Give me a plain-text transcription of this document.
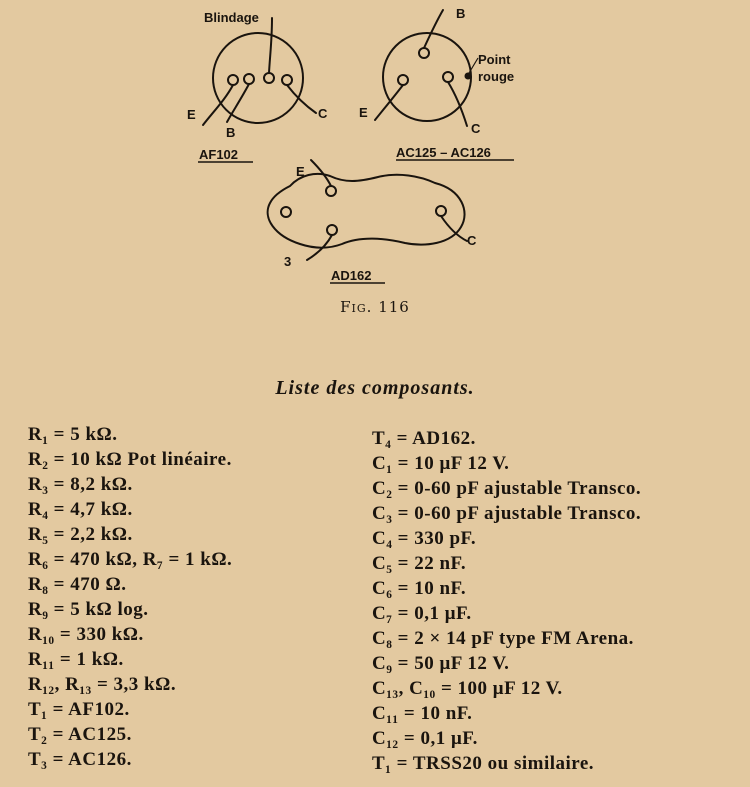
Blindage
E
B
C
AF102
B
Point
rouge
E
C
AC125 – AC126
E
3
C
AD162
Fig. 116
Liste des composants.
R₁ = 5 kΩ.
R₂ = 10 kΩ Pot linéaire.
R₃ = 8,2 kΩ.
R₄ = 4,7 kΩ.
R₅ = 2,2 kΩ.
R₆ = 470 kΩ, R₇ = 1 kΩ.
R₈ = 470 Ω.
R₉ = 5 kΩ log.
R₁₀ = 330 kΩ.
R₁₁ = 1 kΩ.
R₁₂, R₁₃ = 3,3 kΩ.
T₁ = AF102.
T₂ = AC125.
T₃ = AC126.
T₄ = AD162.
C₁ = 10 μF 12 V.
C₂ = 0-60 pF ajustable Transco.
C₃ = 0-60 pF ajustable Transco.
C₄ = 330 pF.
C₅ = 22 nF.
C₆ = 10 nF.
C₇ = 0,1 μF.
C₈ = 2 × 14 pF type FM Arena.
C₉ = 50 μF 12 V.
C₁₃, C₁₀ = 100 μF 12 V.
C₁₁ = 10 nF.
C₁₂ = 0,1 μF.
T₁ = TRSS20 ou similaire.
